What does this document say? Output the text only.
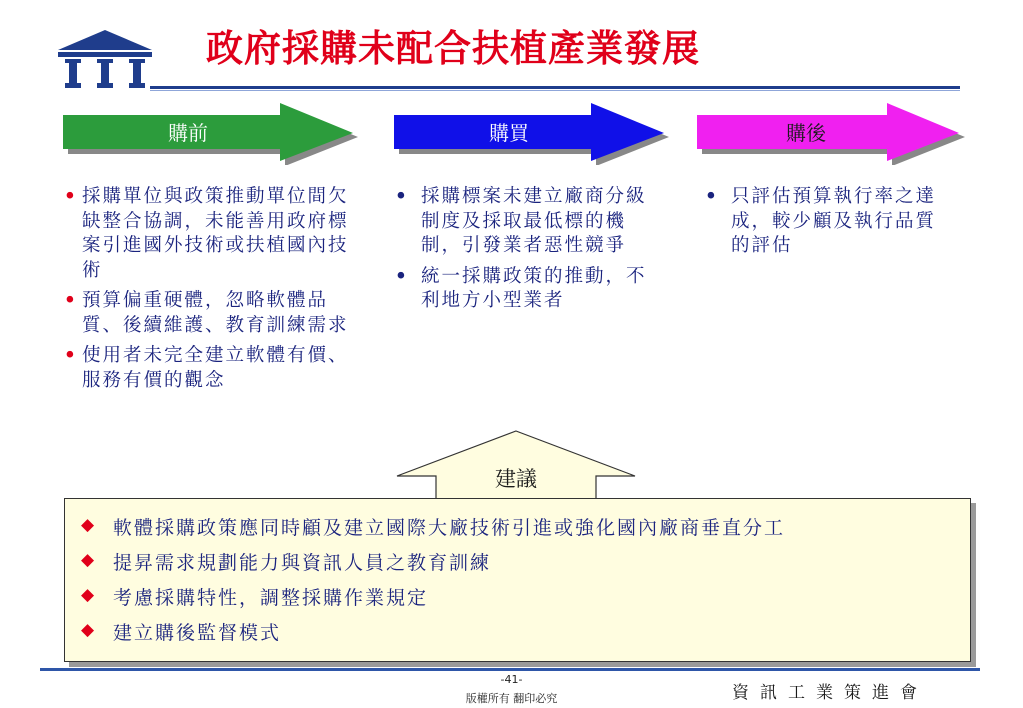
政府採購未配合扶植產業發展
購前	購買	購後
• 採購單位與政策推動單位間欠缺整合協調，未能善用政府標案引進國外技術或扶植國內技術
• 預算偏重硬體，忽略軟體品質、後續維護、教育訓練需求
• 使用者未完全建立軟體有價、服務有價的觀念
• 採購標案未建立廠商分級制度及採取最低標的機制，引發業者惡性競爭
• 統一採購政策的推動，不利地方小型業者
• 只評估預算執行率之達成，較少顧及執行品質的評估
建議
◆ 軟體採購政策應同時顧及建立國際大廠技術引進或強化國內廠商垂直分工
◆ 提昇需求規劃能力與資訊人員之教育訓練
◆ 考慮採購特性，調整採購作業規定
◆ 建立購後監督模式
-41-
版權所有 翻印必究	資訊工業策進會
